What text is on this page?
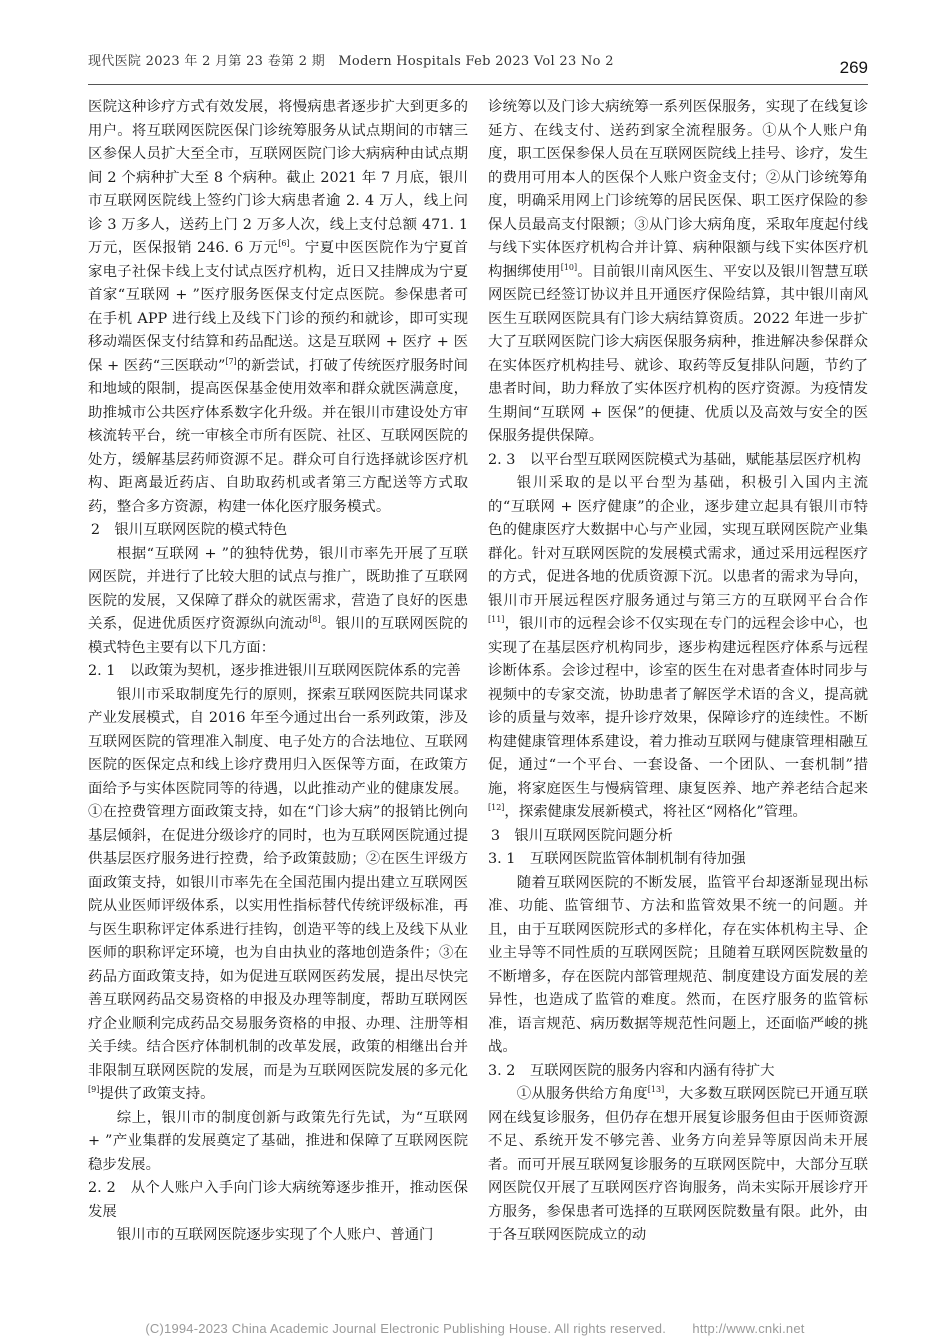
现代医院 2023 年 2 月第 23 卷第 2 期　Modern Hospitals Feb 2023 Vol 23 No 2	269

医院这种诊疗方式有效发展，将慢病患者逐步扩大到更多的用户。将互联网医院医保门诊统筹服务从试点期间的市辖三区参保人员扩大至全市，互联网医院门诊大病病种由试点期间 2 个病种扩大至 8 个病种。截止 2021 年 7 月底，银川市互联网医院线上签约门诊大病患者逾 2. 4 万人，线上问诊 3 万多人，送药上门 2 万多人次，线上支付总额 471. 1 万元，医保报销 246. 6 万元[6]。宁夏中医医院作为宁夏首家电子社保卡线上支付试点医疗机构，近日又挂牌成为宁夏首家“互联网 + ”医疗服务医保支付定点医院。参保患者可在手机 APP 进行线上及线下门诊的预约和就诊，即可实现移动端医保支付结算和药品配送。这是互联网 + 医疗 + 医保 + 医药“三医联动”[7]的新尝试，打破了传统医疗服务时间和地域的限制，提高医保基金使用效率和群众就医满意度，助推城市公共医疗体系数字化升级。并在银川市建设处方审核流转平台，统一审核全市所有医院、社区、互联网医院的处方，缓解基层药师资源不足。群众可自行选择就诊医疗机构、距离最近药店、自助取药机或者第三方配送等方式取药，整合多方资源，构建一体化医疗服务模式。

2　银川互联网医院的模式特色

根据“互联网 + ”的独特优势，银川市率先开展了互联网医院，并进行了比较大胆的试点与推广，既助推了互联网医院的发展，又保障了群众的就医需求，营造了良好的医患关系，促进优质医疗资源纵向流动[8]。银川的互联网医院的模式特色主要有以下几方面：

2. 1　以政策为契机，逐步推进银川互联网医院体系的完善

银川市采取制度先行的原则，探索互联网医院共同谋求产业发展模式，自 2016 年至今通过出台一系列政策，涉及互联网医院的管理准入制度、电子处方的合法地位、互联网医院的医保定点和线上诊疗费用归入医保等方面，在政策方面给予与实体医院同等的待遇，以此推动产业的健康发展。①在控费管理方面政策支持，如在“门诊大病”的报销比例向基层倾斜，在促进分级诊疗的同时，也为互联网医院通过提供基层医疗服务进行控费，给予政策鼓励；②在医生评级方面政策支持，如银川市率先在全国范围内提出建立互联网医院从业医师评级体系，以实用性指标替代传统评级标准，再与医生职称评定体系进行挂钩，创造平等的线上及线下从业医师的职称评定环境，也为自由执业的落地创造条件；③在药品方面政策支持，如为促进互联网医药发展，提出尽快完善互联网药品交易资格的申报及办理等制度，帮助互联网医疗企业顺利完成药品交易服务资格的申报、办理、注册等相关手续。结合医疗体制机制的改革发展，政策的相继出台并非限制互联网医院的发展，而是为互联网医院发展的多元化[9]提供了政策支持。

综上，银川市的制度创新与政策先行先试，为“互联网 + ”产业集群的发展奠定了基础，推进和保障了互联网医院稳步发展。

2. 2　从个人账户入手向门诊大病统筹逐步推开，推动医保发展

银川市的互联网医院逐步实现了个人账户、普通门

诊统筹以及门诊大病统筹一系列医保服务，实现了在线复诊延方、在线支付、送药到家全流程服务。①从个人账户角度，职工医保参保人员在互联网医院线上挂号、诊疗，发生的费用可用本人的医保个人账户资金支付；②从门诊统筹角度，明确采用网上门诊统筹的居民医保、职工医疗保险的参保人员最高支付限额；③从门诊大病角度，采取年度起付线与线下实体医疗机构合并计算、病种限额与线下实体医疗机构捆绑使用[10]。目前银川南风医生、平安以及银川智慧互联网医院已经签订协议并且开通医疗保险结算，其中银川南风医生互联网医院具有门诊大病结算资质。2022 年进一步扩大了互联网医院门诊大病医保服务病种，推进解决参保群众在实体医疗机构挂号、就诊、取药等反复排队问题，节约了患者时间，助力释放了实体医疗机构的医疗资源。为疫情发生期间“互联网 + 医保”的便捷、优质以及高效与安全的医保服务提供保障。

2. 3　以平台型互联网医院模式为基础，赋能基层医疗机构

银川采取的是以平台型为基础，积极引入国内主流的“互联网 + 医疗健康”的企业，逐步建立起具有银川市特色的健康医疗大数据中心与产业园，实现互联网医院产业集群化。针对互联网医院的发展模式需求，通过采用远程医疗的方式，促进各地的优质资源下沉。以患者的需求为导向，银川市开展远程医疗服务通过与第三方的互联网平台合作[11]，银川市的远程会诊不仅实现在专门的远程会诊中心，也实现了在基层医疗机构同步，逐步构建远程医疗体系与远程诊断体系。会诊过程中，诊室的医生在对患者查体时同步与视频中的专家交流，协助患者了解医学术语的含义，提高就诊的质量与效率，提升诊疗效果，保障诊疗的连续性。不断构建健康管理体系建设，着力推动互联网与健康管理相融互促，通过“一个平台、一套设备、一个团队、一套机制”措施，将家庭医生与慢病管理、康复医养、地产养老结合起来[12]，探索健康发展新模式，将社区“网格化”管理。

3　银川互联网医院问题分析

3. 1　互联网医院监管体制机制有待加强

随着互联网医院的不断发展，监管平台却逐渐显现出标准、功能、监管细节、方法和监管效果不统一的问题。并且，由于互联网医院形式的多样化，存在实体机构主导、企业主导等不同性质的互联网医院；且随着互联网医院数量的不断增多，存在医院内部管理规范、制度建设方面发展的差异性，也造成了监管的难度。然而，在医疗服务的监管标准，语言规范、病历数据等规范性问题上，还面临严峻的挑战。

3. 2　互联网医院的服务内容和内涵有待扩大

①从服务供给方角度[13]，大多数互联网医院已开通互联网在线复诊服务，但仍存在想开展复诊服务但由于医师资源不足、系统开发不够完善、业务方向差异等原因尚未开展者。而可开展互联网复诊服务的互联网医院中，大部分互联网医院仅开展了互联网医疗咨询服务，尚未实际开展诊疗开方服务，参保患者可选择的互联网医院数量有限。此外，由于各互联网医院成立的动

(C)1994-2023 China Academic Journal Electronic Publishing House. All rights reserved.　　http://www.cnki.net
